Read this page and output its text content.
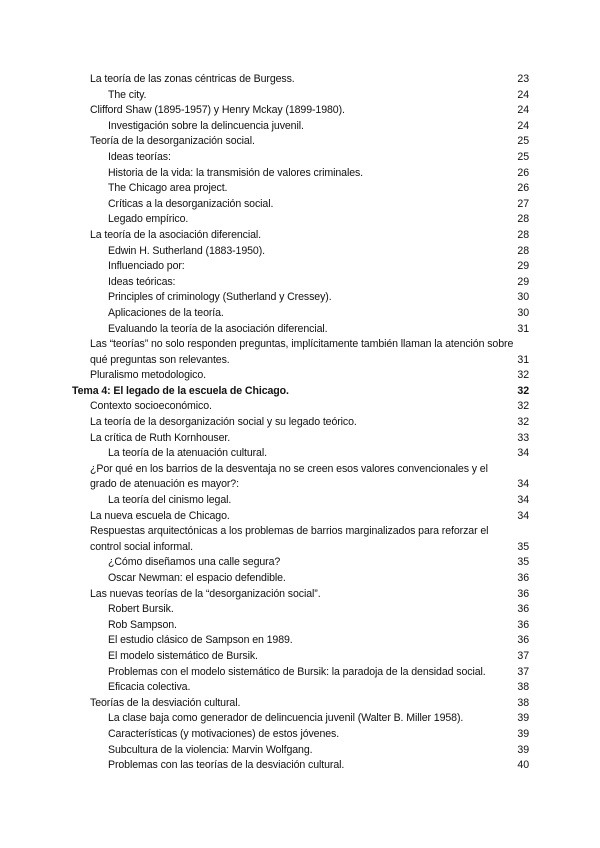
La teoría de las zonas céntricas de Burgess.	23
The city.	24
Clifford Shaw (1895-1957) y Henry Mckay (1899-1980).	24
Investigación sobre la delincuencia juvenil.	24
Teoría de la desorganización social.	25
Ideas teorías:	25
Historia de la vida: la transmisión de valores criminales.	26
The Chicago area project.	26
Críticas a la desorganización social.	27
Legado empírico.	28
La teoría de la asociación diferencial.	28
Edwin H. Sutherland (1883-1950).	28
Influenciado por:	29
Ideas teóricas:	29
Principles of criminology (Sutherland y Cressey).	30
Aplicaciones de la teoría.	30
Evaluando la teoría de la asociación diferencial.	31
Las “teorías” no solo responden preguntas, implícitamente también llaman la atención sobre qué preguntas son relevantes.	31
Pluralismo metodologico.	32
Tema 4: El legado de la escuela de Chicago.	32
Contexto socioeconómico.	32
La teoría de la desorganización social y su legado teórico.	32
La crítica de Ruth Kornhouser.	33
La teoría de la atenuación cultural.	34
¿Por qué en los barrios de la desventaja no se creen esos valores convencionales y el grado de atenuación es mayor?:	34
La teoría del cinismo legal.	34
La nueva escuela de Chicago.	34
Respuestas arquitectónicas a los problemas de barrios marginalizados para reforzar el control social informal.	35
¿Cómo diseñamos una calle segura?	35
Oscar Newman: el espacio defendible.	36
Las nuevas teorías de la “desorganización social”.	36
Robert Bursik.	36
Rob Sampson.	36
El estudio clásico de Sampson en 1989.	36
El modelo sistemático de Bursik.	37
Problemas con el modelo sistemático de Bursik: la paradoja de la densidad social.	37
Eficacia colectiva.	38
Teorías de la desviación cultural.	38
La clase baja como generador de delincuencia juvenil (Walter B. Miller 1958).	39
Características (y motivaciones) de estos jóvenes.	39
Subcultura de la violencia: Marvin Wolfgang.	39
Problemas con las teorías de la desviación cultural.	40
